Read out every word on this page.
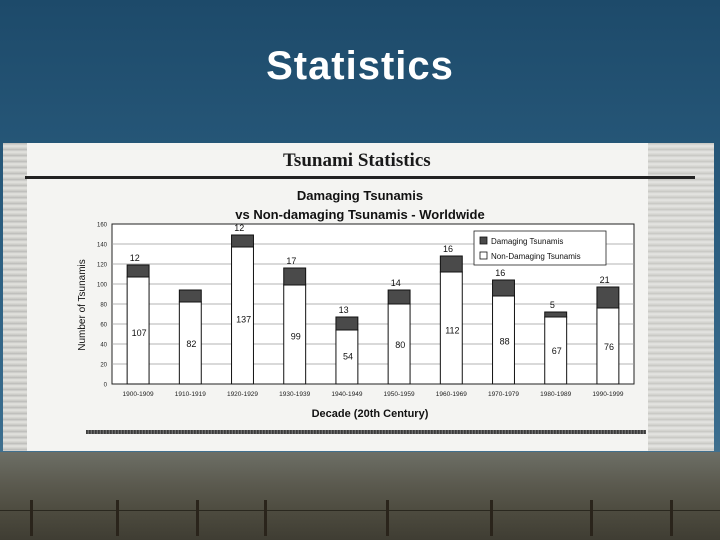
Statistics
Tsunami Statistics
Damaging Tsunamis
vs Non-damaging Tsunamis - Worldwide
Number of Tsunamis
Decade (20th Century)
0
20
40
60
80
100
120
140
160
1900-1909
12
107
1910-1919
82
1920-1929
12
137
1930-1939
17
99
1940-1949
13
54
1950-1959
14
80
1960-1969
16
112
1970-1979
16
88
1980-1989
5
67
1990-1999
21
76
Damaging Tsunamis
Non-Damaging Tsunamis
